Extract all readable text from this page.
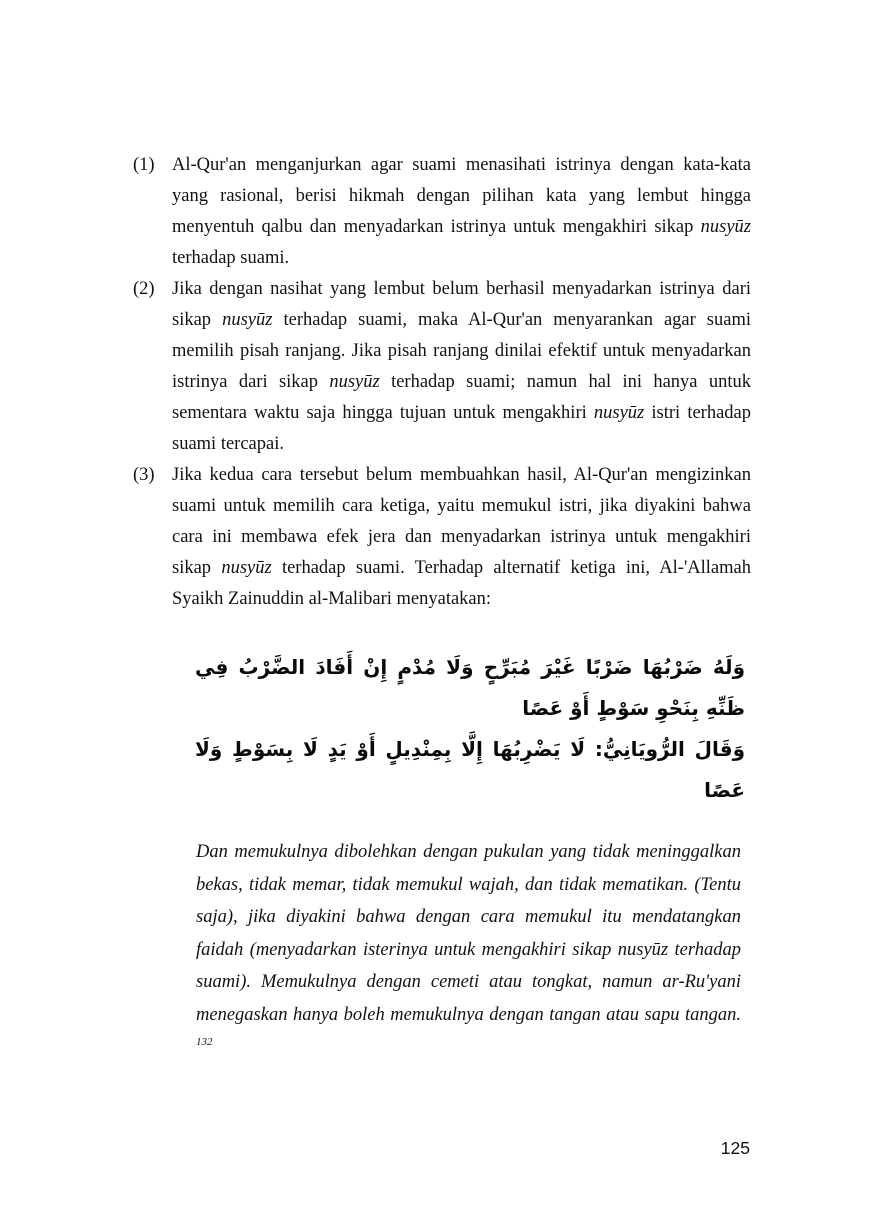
(1) Al-Qur'an menganjurkan agar suami menasihati istrinya dengan kata-kata yang rasional, berisi hikmah dengan pilihan kata yang lembut hingga menyentuh qalbu dan menyadarkan istrinya untuk mengakhiri sikap nusyūz terhadap suami.
(2) Jika dengan nasihat yang lembut belum berhasil menyadarkan istrinya dari sikap nusyūz terhadap suami, maka Al-Qur'an menyarankan agar suami memilih pisah ranjang. Jika pisah ranjang dinilai efektif untuk menyadarkan istrinya dari sikap nusyūz terhadap suami; namun hal ini hanya untuk sementara waktu saja hingga tujuan untuk mengakhiri nusyūz istri terhadap suami tercapai.
(3) Jika kedua cara tersebut belum membuahkan hasil, Al-Qur'an mengizinkan suami untuk memilih cara ketiga, yaitu memukul istri, jika diyakini bahwa cara ini membawa efek jera dan menyadarkan istrinya untuk mengakhiri sikap nusyūz terhadap suami. Terhadap alternatif ketiga ini, Al-'Allamah Syaikh Zainuddin al-Malibari menyatakan:
وَلَهُ ضَرْبُهَا ضَرْبًا غَيْرَ مُبَرِّحٍ وَلَا مُدْمٍ إِنْ أَفَادَ الضَّرْبُ فِي ظَنِّهِ بِنَحْوِ سَوْطٍ أَوْ عَصًا
وَقَالَ الرُّويَانِيُّ: لَا يَضْرِبُهَا إِلَّا بِمِنْدِيلٍ أَوْ يَدٍ لَا بِسَوْطٍ وَلَا عَصًا
Dan memukulnya dibolehkan dengan pukulan yang tidak meninggalkan bekas, tidak memar, tidak memukul wajah, dan tidak mematikan. (Tentu saja), jika diyakini bahwa dengan cara memukul itu mendatangkan faidah (menyadarkan isterinya untuk mengakhiri sikap nusyūz terhadap suami). Memukulnya dengan cemeti atau tongkat, namun ar-Ru'yani menegaskan hanya boleh memukulnya dengan tangan atau sapu tangan. $^{132}$
125
